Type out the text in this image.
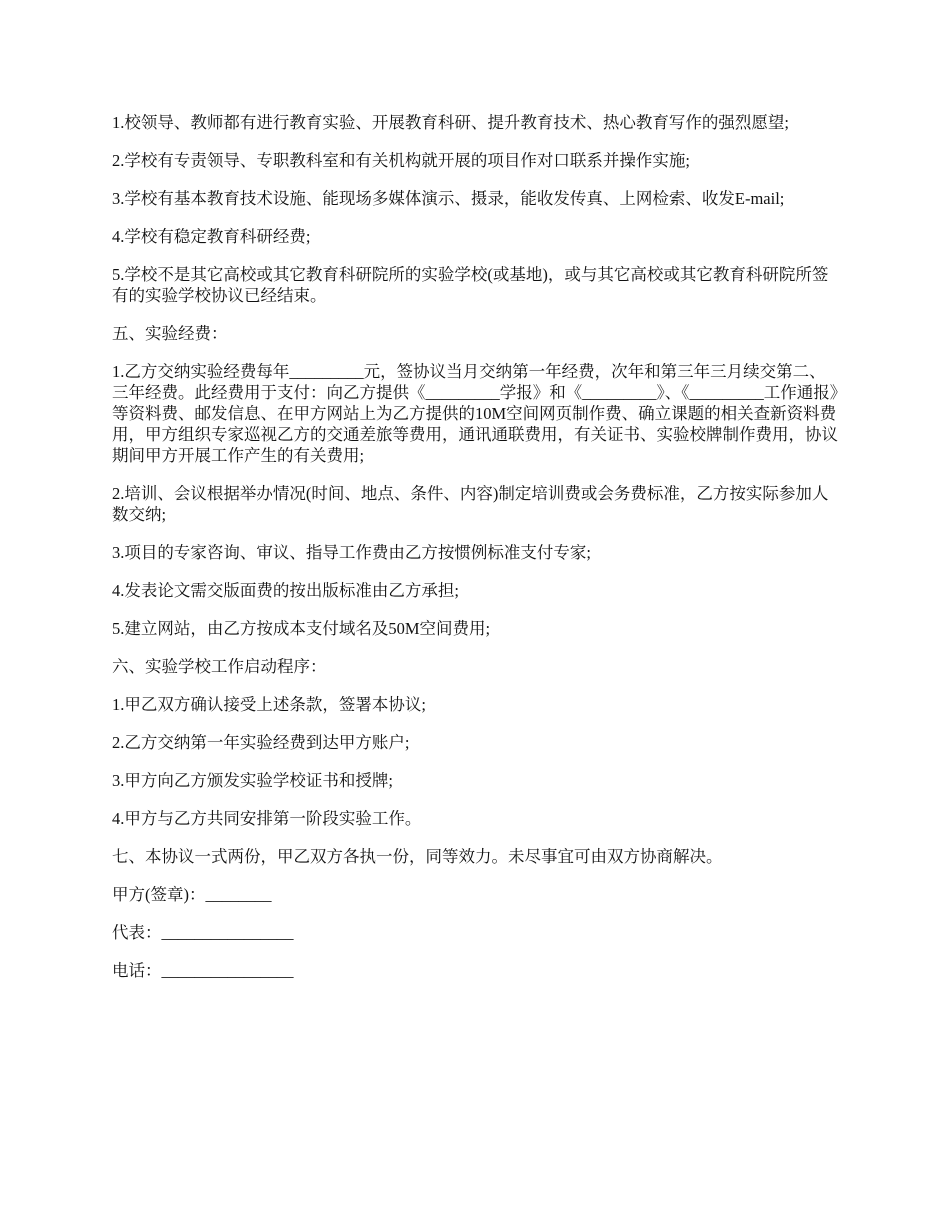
1.校领导、教师都有进行教育实验、开展教育科研、提升教育技术、热心教育写作的强烈愿望;

2.学校有专责领导、专职教科室和有关机构就开展的项目作对口联系并操作实施;

3.学校有基本教育技术设施、能现场多媒体演示、摄录，能收发传真、上网检索、收发E-mail;

4.学校有稳定教育科研经费;

5.学校不是其它高校或其它教育科研院所的实验学校(或基地)，或与其它高校或其它教育科研院所签有的实验学校协议已经结束。

五、实验经费：

1.乙方交纳实验经费每年_________元，签协议当月交纳第一年经费，次年和第三年三月续交第二、三年经费。此经费用于支付：向乙方提供《_________学报》和《_________》、《_________工作通报》等资料费、邮发信息、在甲方网站上为乙方提供的10M空间网页制作费、确立课题的相关查新资料费用，甲方组织专家巡视乙方的交通差旅等费用，通讯通联费用，有关证书、实验校牌制作费用，协议期间甲方开展工作产生的有关费用;

2.培训、会议根据举办情况(时间、地点、条件、内容)制定培训费或会务费标准，乙方按实际参加人数交纳;

3.项目的专家咨询、审议、指导工作费由乙方按惯例标准支付专家;

4.发表论文需交版面费的按出版标准由乙方承担;

5.建立网站，由乙方按成本支付域名及50M空间费用;

六、实验学校工作启动程序：

1.甲乙双方确认接受上述条款，签署本协议;

2.乙方交纳第一年实验经费到达甲方账户;

3.甲方向乙方颁发实验学校证书和授牌;

4.甲方与乙方共同安排第一阶段实验工作。

七、本协议一式两份，甲乙双方各执一份，同等效力。未尽事宜可由双方协商解决。

甲方(签章)：________

代表：________________

电话：________________
